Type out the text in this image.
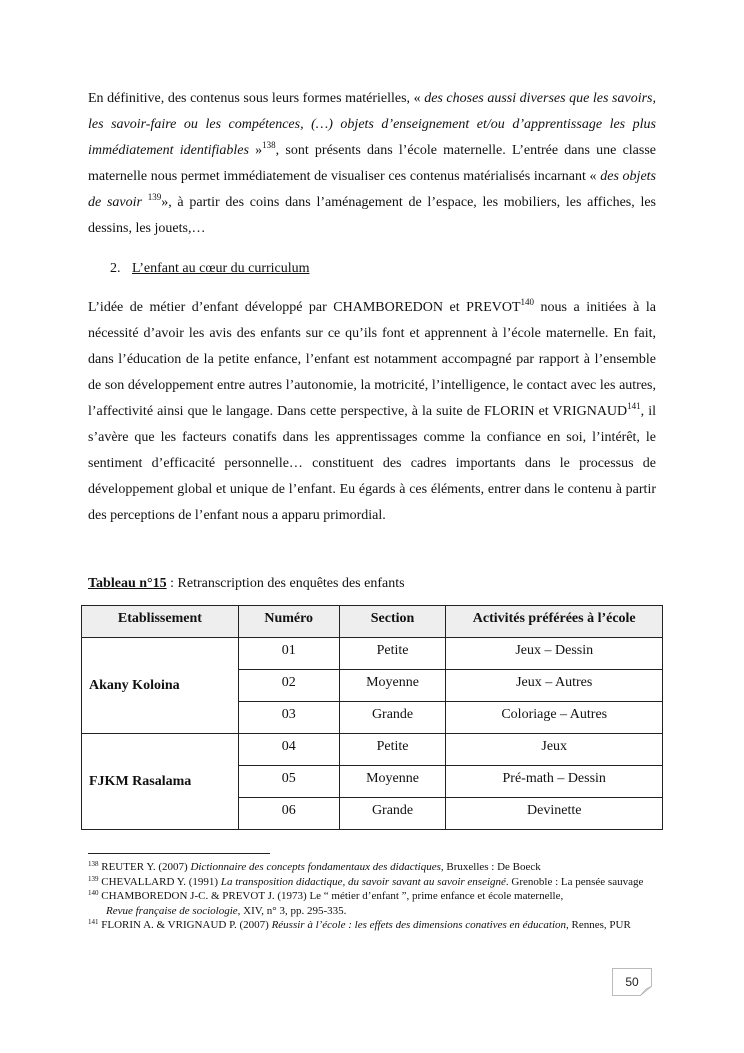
En définitive, des contenus sous leurs formes matérielles, « des choses aussi diverses que les savoirs, les savoir-faire ou les compétences, (…) objets d’enseignement et/ou d’apprentissage les plus immédiatement identifiables »$^{138}$, sont présents dans l’école maternelle. L’entrée dans une classe maternelle nous permet immédiatement de visualiser ces contenus matérialisés incarnant « des objets de savoir $^{139}$», à partir des coins dans l’aménagement de l’espace, les mobiliers, les affiches, les dessins, les jouets,…

2. L’enfant au cœur du curriculum

L’idée de métier d’enfant développé par CHAMBOREDON et PREVOT$^{140}$ nous a initiées à la nécessité d’avoir les avis des enfants sur ce qu’ils font et apprennent à l’école maternelle. En fait, dans l’éducation de la petite enfance, l’enfant est notamment accompagné par rapport à l’ensemble de son développement entre autres l’autonomie, la motricité, l’intelligence, le contact avec les autres, l’affectivité ainsi que le langage. Dans cette perspective, à la suite de FLORIN et VRIGNAUD$^{141}$, il s’avère que les facteurs conatifs dans les apprentissages comme la confiance en soi, l’intérêt, le sentiment d’efficacité personnelle… constituent des cadres importants dans le processus de développement global et unique de l’enfant. Eu égards à ces éléments, entrer dans le contenu à partir des perceptions de l’enfant nous a apparu primordial.

Tableau n°15 : Retranscription des enquêtes des enfants

Etablissement	Numéro	Section	Activités préférées à l’école
Akany Koloina	01	Petite	Jeux – Dessin
	02	Moyenne	Jeux – Autres
	03	Grande	Coloriage – Autres
FJKM Rasalama	04	Petite	Jeux
	05	Moyenne	Pré-math – Dessin
	06	Grande	Devinette
$^{138}$ REUTER Y. (2007) Dictionnaire des concepts fondamentaux des didactiques, Bruxelles : De Boeck
$^{139}$ CHEVALLARD Y. (1991) La transposition didactique, du savoir savant au savoir enseigné. Grenoble : La pensée sauvage
$^{140}$ CHAMBOREDON J-C. & PREVOT J. (1973) Le “ métier d’enfant ”, prime enfance et école maternelle,
Revue française de sociologie, XIV, n° 3, pp. 295-335.
$^{141}$ FLORIN A. & VRIGNAUD P. (2007) Réussir à l’école : les effets des dimensions conatives en éducation, Rennes, PUR
50
